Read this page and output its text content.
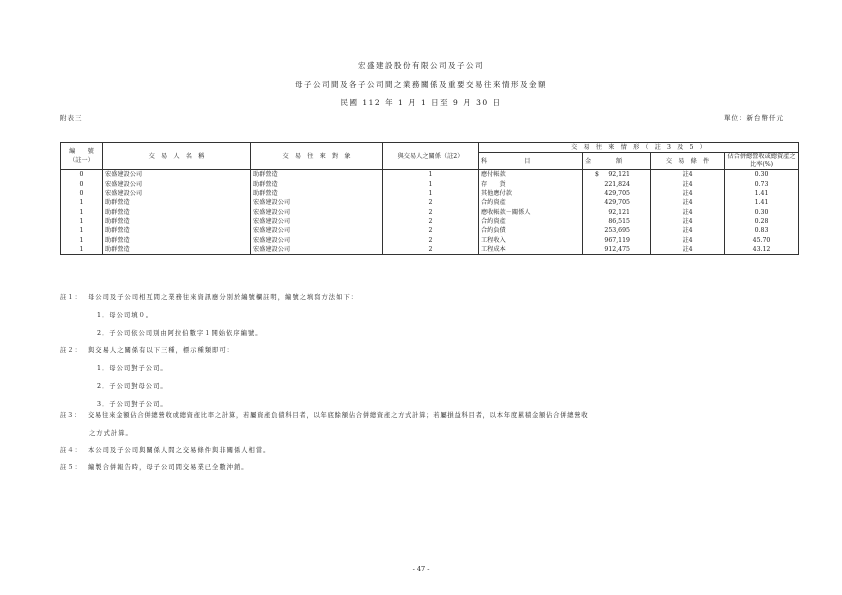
宏盛建設股份有限公司及子公司
母子公司間及各子公司間之業務關係及重要交易往來情形及金額
民國 112 年 1 月 1 日至 9 月 30 日
附表三	單位：新台幣仟元
編　　號
（註一）	交　易　人　名　稱	交　易　往　來　對　象	與交易人之關係（註2）	交　易　往　來　情　形　（　註　3　及　5　）			
				科　　　　　　目	金　　　　額	交　易　條　件	佔合併總營收或總資產之比率(%)
0	宏盛建設公司	助群營造	1	應付帳款	$ 92,121	註4	0.30
0	宏盛建設公司	助群營造	1	存　　貨	221,824	註4	0.73
0	宏盛建設公司	助群營造	1	其他應付款	429,705	註4	1.41
1	助群營造	宏盛建設公司	2	合約資產	429,705	註4	1.41
1	助群營造	宏盛建設公司	2	應收帳款－關係人	92,121	註4	0.30
1	助群營造	宏盛建設公司	2	合約資產	86,515	註4	0.28
1	助群營造	宏盛建設公司	2	合約負債	253,695	註4	0.83
1	助群營造	宏盛建設公司	2	工程收入	967,119	註4	45.70
1	助群營造	宏盛建設公司	2	工程成本	912,475	註4	43.12
註１： 母公司及子公司相互間之業務往來資訊應分別於編號欄註明，編號之填寫方法如下：
1．母公司填０。
2．子公司依公司別由阿拉伯數字１開始依序編號。
註２： 與交易人之關係有以下三種，標示種類即可：
1．母公司對子公司。
2．子公司對母公司。
3．子公司對子公司。
註３： 交易往來金額佔合併總營收或總資產比率之計算，若屬資產負債科目者，以年底餘額佔合併總資產之方式計算；若屬損益科目者，以本年度累積金額佔合併總營收
之方式計算。
註４： 本公司及子公司與關係人間之交易條件與非關係人相當。
註５： 編製合併報告時，母子公司間交易業已全數沖銷。
- 47 -
